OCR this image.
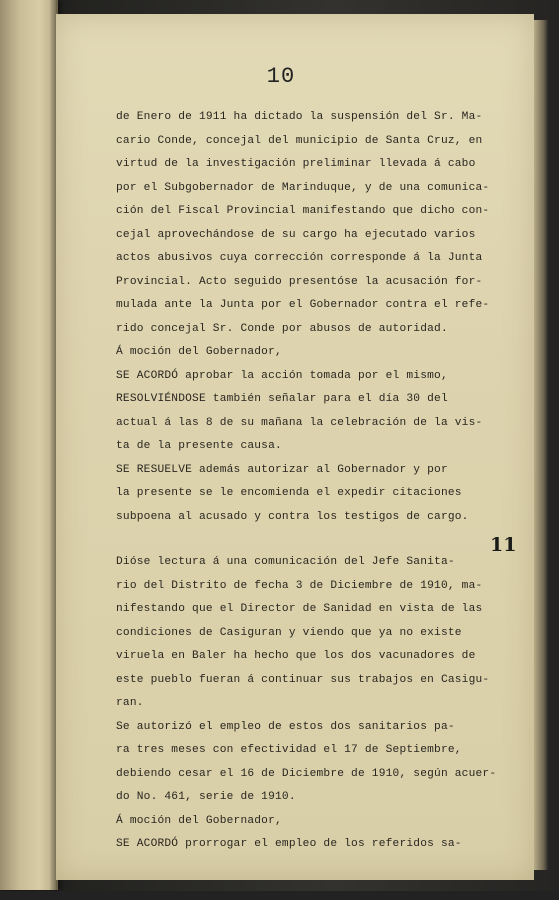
10
de Enero de 1911 ha dictado la suspensión del Sr. Ma-
cario Conde, concejal del municipio de Santa Cruz, en
virtud de la investigación preliminar llevada á cabo
por el Subgobernador de Marinduque, y de una comunica-
ción del Fiscal Provincial manifestando que dicho con-
cejal aprovechándose de su cargo ha ejecutado varios
actos abusivos cuya corrección corresponde á la Junta
Provincial. Acto seguido presentóse la acusación for-
mulada ante la Junta por el Gobernador contra el refe-
rido concejal Sr. Conde por abusos de autoridad.
Á moción del Gobernador,
SE ACORDÓ aprobar la acción tomada por el mismo,
RESOLVIÉNDOSE también señalar para el día 30 del
actual á las 8 de su mañana la celebración de la vis-
ta de la presente causa.
SE RESUELVE además autorizar al Gobernador y por
la presente se le encomienda el expedir citaciones
subpoena al acusado y contra los testigos de cargo.
Dióse lectura á una comunicación del Jefe Sanita-
rio del Distrito de fecha 3 de Diciembre de 1910, ma-
nifestando que el Director de Sanidad en vista de las
condiciones de Casiguran y viendo que ya no existe
viruela en Baler ha hecho que los dos vacunadores de
este pueblo fueran á continuar sus trabajos en Casigu-
ran.
Se autorizó el empleo de estos dos sanitarios pa-
ra tres meses con efectividad el 17 de Septiembre,
debiendo cesar el 16 de Diciembre de 1910, según acuer-
do No. 461, serie de 1910.
Á moción del Gobernador,
SE ACORDÓ prorrogar el empleo de los referidos sa-
11
